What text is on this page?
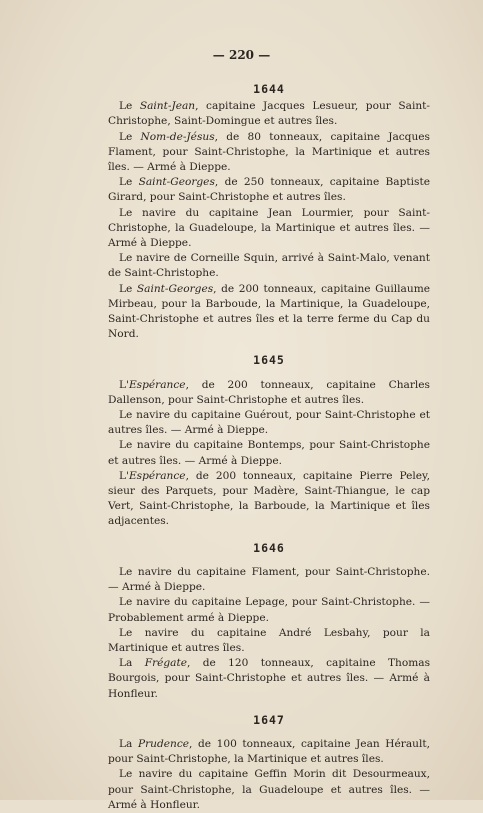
— 220 —
1644

Le Saint-Jean, capitaine Jacques Lesueur, pour Saint-Christophe, Saint-Domingue et autres îles.

Le Nom-de-Jésus, de 80 tonneaux, capitaine Jacques Flament, pour Saint-Christophe, la Martinique et autres îles. — Armé à Dieppe.

Le Saint-Georges, de 250 tonneaux, capitaine Baptiste Girard, pour Saint-Christophe et autres îles.

Le navire du capitaine Jean Lourmier, pour Saint-Christophe, la Guadeloupe, la Martinique et autres îles. — Armé à Dieppe.

Le navire de Corneille Squin, arrivé à Saint-Malo, venant de Saint-Christophe.

Le Saint-Georges, de 200 tonneaux, capitaine Guillaume Mirbeau, pour la Barboude, la Martinique, la Guadeloupe, Saint-Christophe et autres îles et la terre ferme du Cap du Nord.

1645

L'Espérance, de 200 tonneaux, capitaine Charles Dallenson, pour Saint-Christophe et autres îles.

Le navire du capitaine Guérout, pour Saint-Christophe et autres îles. — Armé à Dieppe.

Le navire du capitaine Bontemps, pour Saint-Christophe et autres îles. — Armé à Dieppe.

L'Espérance, de 200 tonneaux, capitaine Pierre Peley, sieur des Parquets, pour Madère, Saint-Thiangue, le cap Vert, Saint-Christophe, la Barboude, la Martinique et îles adjacentes.

1646

Le navire du capitaine Flament, pour Saint-Christophe. — Armé à Dieppe.

Le navire du capitaine Lepage, pour Saint-Christophe. — Probablement armé à Dieppe.

Le navire du capitaine André Lesbahy, pour la Martinique et autres îles.

La Frégate, de 120 tonneaux, capitaine Thomas Bourgois, pour Saint-Christophe et autres îles. — Armé à Honfleur.

1647

La Prudence, de 100 tonneaux, capitaine Jean Hérault, pour Saint-Christophe, la Martinique et autres îles.

Le navire du capitaine Geffin Morin dit Desourmeaux, pour Saint-Christophe, la Guadeloupe et autres îles. — Armé à Honfleur.
